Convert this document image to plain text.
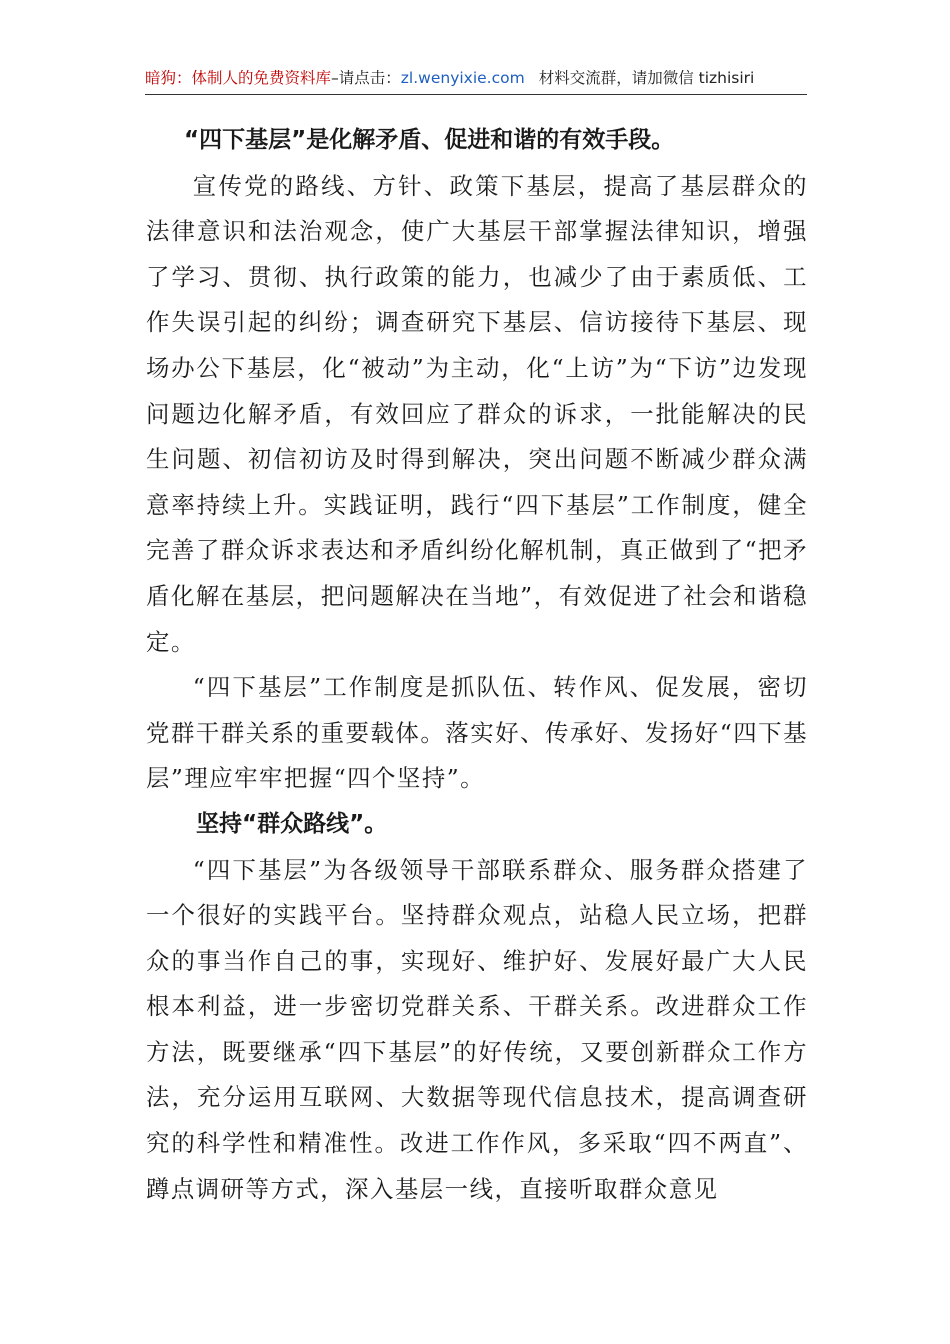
暗狗：体制人的免费资料库–请点击：zl.wenyixie.com 材料交流群，请加微信 tizhisiri
“四下基层”是化解矛盾、促进和谐的有效手段。

宣传党的路线、方针、政策下基层，提高了基层群众的法律意识和法治观念，使广大基层干部掌握法律知识，增强了学习、贯彻、执行政策的能力，也减少了由于素质低、工作失误引起的纠纷；调查研究下基层、信访接待下基层、现场办公下基层，化“被动”为主动，化“上访”为“下访”边发现问题边化解矛盾，有效回应了群众的诉求，一批能解决的民生问题、初信初访及时得到解决，突出问题不断减少群众满意率持续上升。实践证明，践行“四下基层”工作制度，健全完善了群众诉求表达和矛盾纠纷化解机制，真正做到了“把矛盾化解在基层，把问题解决在当地”，有效促进了社会和谐稳定。

“四下基层”工作制度是抓队伍、转作风、促发展，密切党群干群关系的重要载体。落实好、传承好、发扬好“四下基层”理应牢牢把握“四个坚持”。

坚持“群众路线”。

“四下基层”为各级领导干部联系群众、服务群众搭建了一个很好的实践平台。坚持群众观点，站稳人民立场，把群众的事当作自己的事，实现好、维护好、发展好最广大人民根本利益，进一步密切党群关系、干群关系。改进群众工作方法，既要继承“四下基层”的好传统，又要创新群众工作方法，充分运用互联网、大数据等现代信息技术，提高调查研究的科学性和精准性。改进工作作风，多采取“四不两直”、蹲点调研等方式，深入基层一线，直接听取群众意见
